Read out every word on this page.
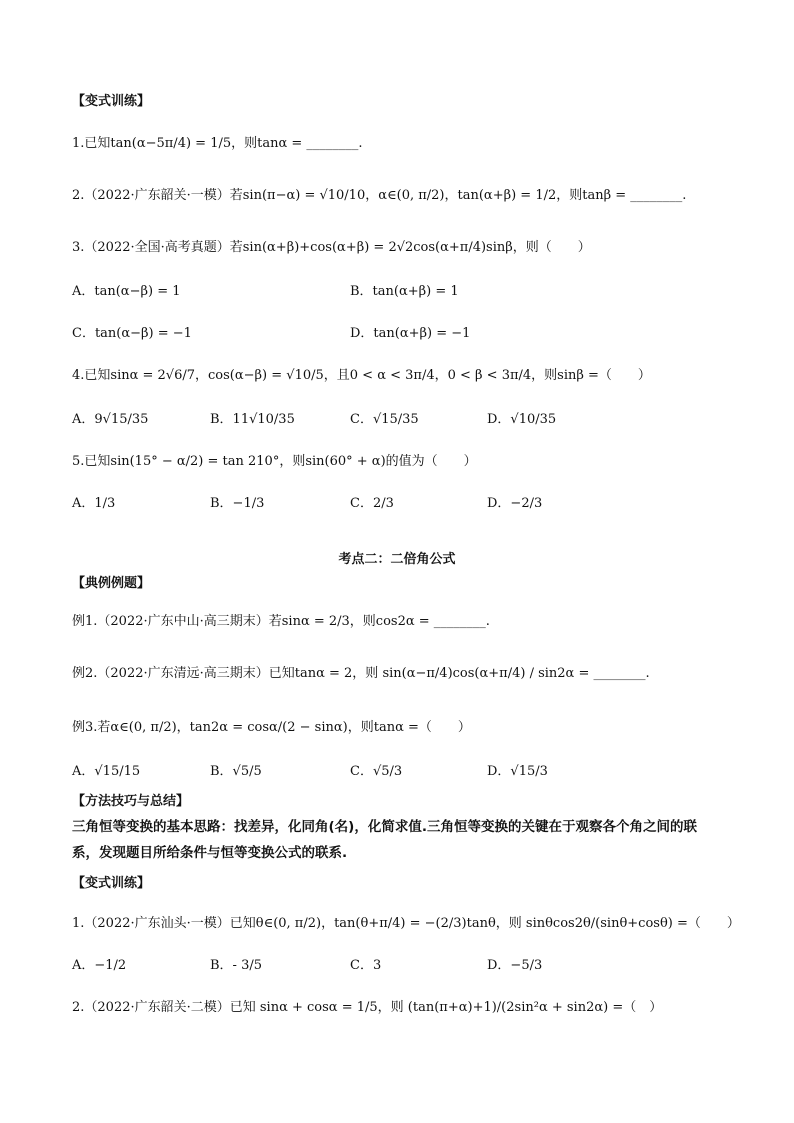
【变式训练】
1.已知tan(α−5π/4) = 1/5，则tanα = ________.
2.（2022·广东韶关·一模）若sin(π−α) = √10/10，α∈(0, π/2)，tan(α+β) = 1/2，则tanβ = ________.
3.（2022·全国·高考真题）若sin(α+β)+cos(α+β) = 2√2cos(α+π/4)sinβ，则（　　）
A．tan(α−β) = 1	B．tan(α+β) = 1
C．tan(α−β) = −1	D．tan(α+β) = −1
4.已知sinα = 2√6/7，cos(α−β) = √10/5，且0 < α < 3π/4，0 < β < 3π/4，则sinβ =（　　）
A．9√15/35	B．11√10/35	C．√15/35	D．√10/35
5.已知sin(15° − α/2) = tan 210°，则sin(60° + α)的值为（　　）
A．1/3	B．−1/3	C．2/3	D．−2/3
考点二：二倍角公式
【典例例题】
例1.（2022·广东中山·高三期末）若sinα = 2/3，则cos2α = ________.
例2.（2022·广东清远·高三期末）已知tanα = 2，则 sin(α−π/4)cos(α+π/4) / sin2α = ________.
例3.若α∈(0, π/2)，tan2α = cosα/(2 − sinα)，则tanα =（　　）
A．√15/15	B．√5/5	C．√5/3	D．√15/3
【方法技巧与总结】
三角恒等变换的基本思路：找差异，化同角(名)，化简求值.三角恒等变换的关键在于观察各个角之间的联系，发现题目所给条件与恒等变换公式的联系.
【变式训练】
1.（2022·广东汕头·一模）已知θ∈(0, π/2)，tan(θ+π/4) = −(2/3)tanθ，则 sinθcos2θ/(sinθ+cosθ) =（　　）
A．−1/2	B．- 3/5	C．3	D．−5/3
2.（2022·广东韶关·二模）已知 sinα + cosα = 1/5，则 (tan(π+α)+1)/(2sin²α + sin2α) =（　）
